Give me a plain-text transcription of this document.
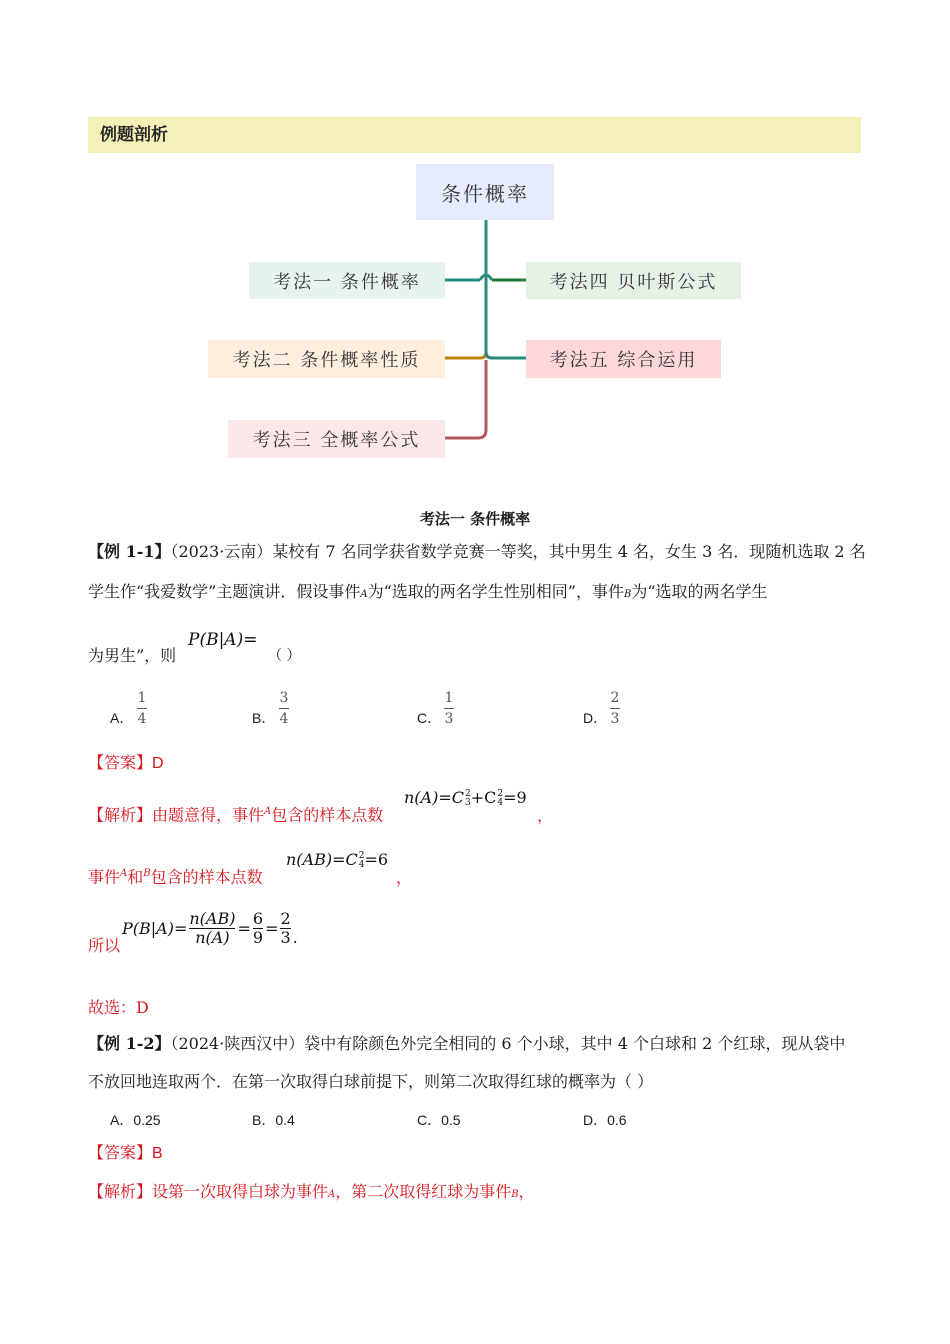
例题剖析
条件概率
考法一 条件概率
考法二 条件概率性质
考法三 全概率公式
考法四 贝叶斯公式
考法五 综合运用
考法一 条件概率
【例 1-1】（2023·云南）某校有 7 名同学获省数学竞赛一等奖，其中男生 4 名，女生 3 名．现随机选取 2 名
学生作“我爱数学”主题演讲．假设事件A为“选取的两名学生性别相同”，事件B为“选取的两名学生
为男生”，则
P(B|A)=
（ ）
A．
1
4	B．
3
4	C．
1
3	D．
2
3
【答案】D
【解析】由题意得，事件$^A$包含的样本点数
n(A)=C 2
3 +C 2
4 =9
，
事件$^A$和$^B$包含的样本点数
n(AB)=C 2
4 =6
，
所以
P(B|A)=
n(AB)
n(A) =
6
9 =
2
3 .
故选：D
【例 1-2】（2024·陕西汉中）袋中有除颜色外完全相同的 6 个小球，其中 4 个白球和 2 个红球，现从袋中
不放回地连取两个．在第一次取得白球前提下，则第二次取得红球的概率为（ ）
A．0.25	B．0.4	C．0.5	D．0.6
【答案】B
【解析】设第一次取得白球为事件A，第二次取得红球为事件B，
